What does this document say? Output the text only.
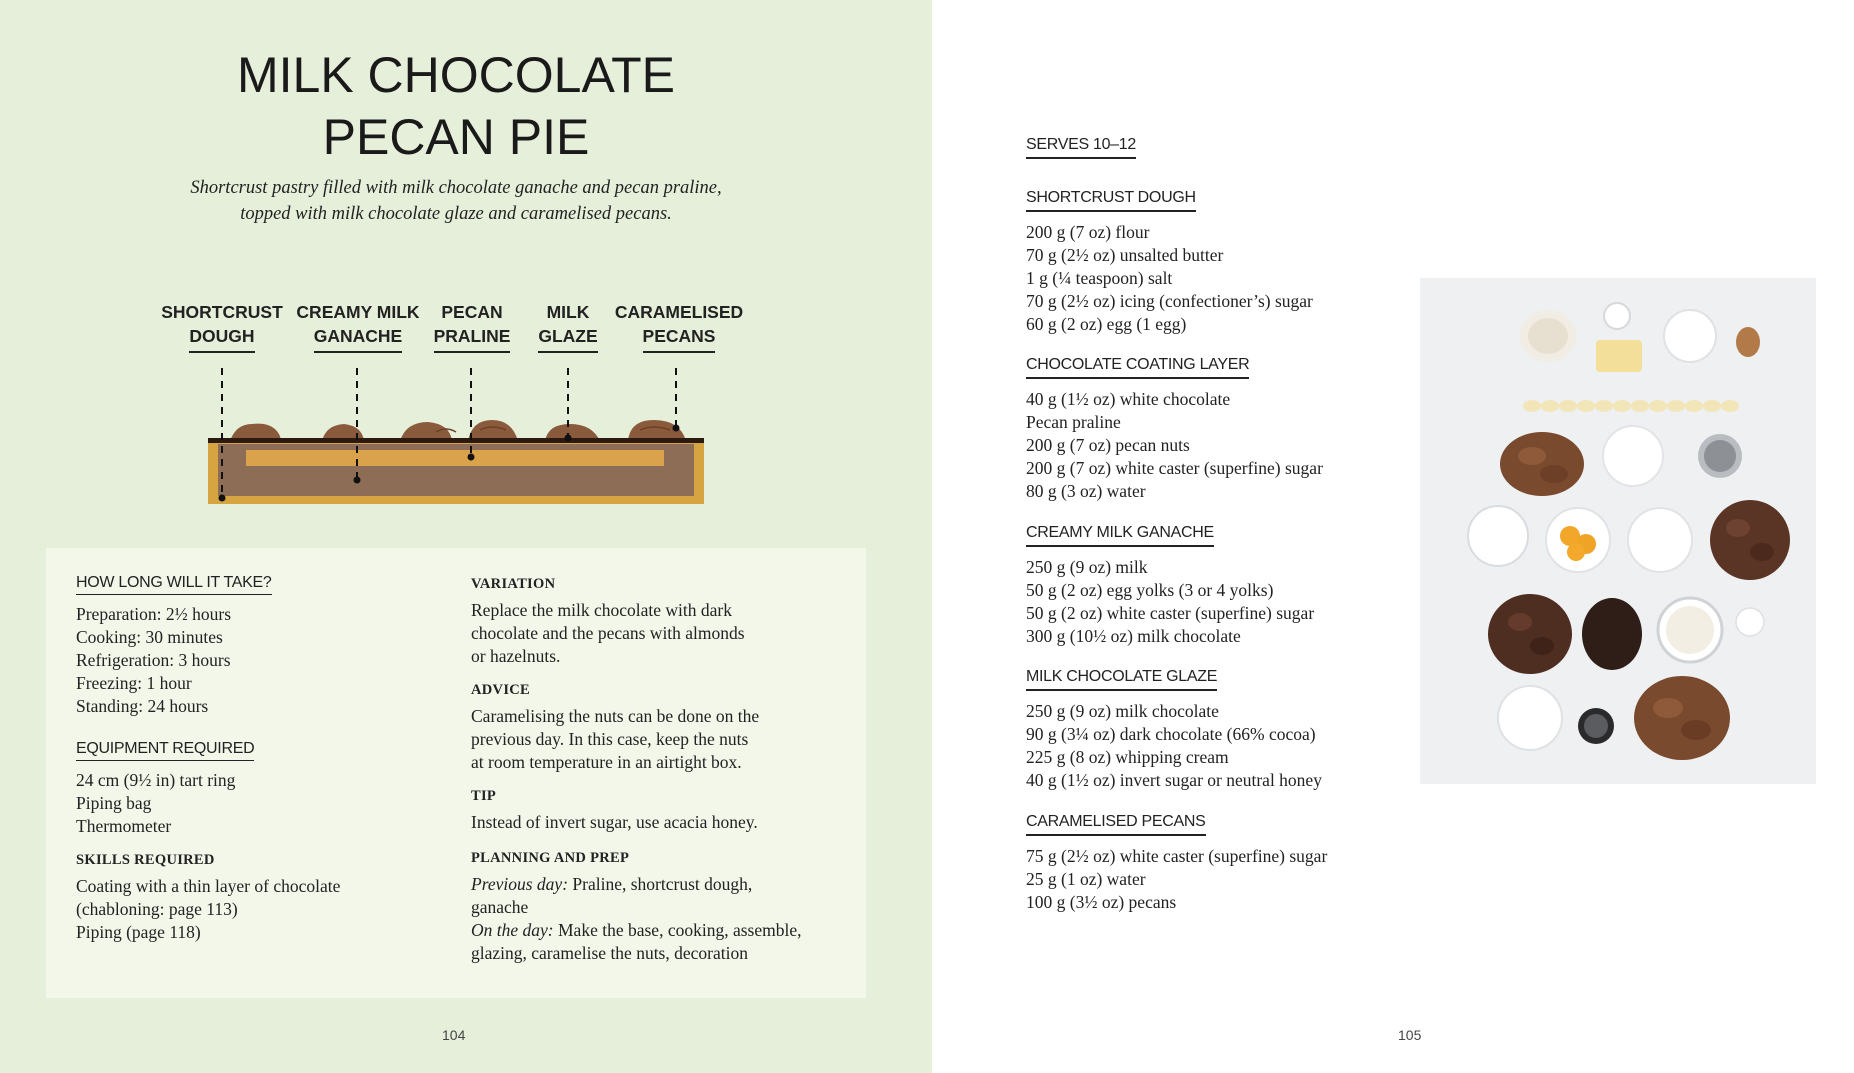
MILK CHOCOLATE
PECAN PIE
Shortcrust pastry filled with milk chocolate ganache and pecan praline,
topped with milk chocolate glaze and caramelised pecans.
SHORTCRUST
DOUGH
CREAMY MILK
GANACHE
PECAN
PRALINE
MILK
GLAZE
CARAMELISED
PECANS
HOW LONG WILL IT TAKE?
Preparation: 2½ hours
Cooking: 30 minutes
Refrigeration: 3 hours
Freezing: 1 hour
Standing: 24 hours
EQUIPMENT REQUIRED
24 cm (9½ in) tart ring
Piping bag
Thermometer
SKILLS REQUIRED
Coating with a thin layer of chocolate
(chabloning: page 113)
Piping (page 118)
VARIATION
Replace the milk chocolate with dark
chocolate and the pecans with almonds
or hazelnuts.
ADVICE
Caramelising the nuts can be done on the
previous day. In this case, keep the nuts
at room temperature in an airtight box.
TIP
Instead of invert sugar, use acacia honey.
PLANNING AND PREP
Previous day: Praline, shortcrust dough,
ganache
On the day: Make the base, cooking, assemble,
glazing, caramelise the nuts, decoration
104
SERVES 10–12
SHORTCRUST DOUGH
200 g (7 oz) flour
70 g (2½ oz) unsalted butter
1 g (¼ teaspoon) salt
70 g (2½ oz) icing (confectioner’s) sugar
60 g (2 oz) egg (1 egg)
CHOCOLATE COATING LAYER
40 g (1½ oz) white chocolate
Pecan praline
200 g (7 oz) pecan nuts
200 g (7 oz) white caster (superfine) sugar
80 g (3 oz) water
CREAMY MILK GANACHE
250 g (9 oz) milk
50 g (2 oz) egg yolks (3 or 4 yolks)
50 g (2 oz) white caster (superfine) sugar
300 g (10½ oz) milk chocolate
MILK CHOCOLATE GLAZE
250 g (9 oz) milk chocolate
90 g (3¼ oz) dark chocolate (66% cocoa)
225 g (8 oz) whipping cream
40 g (1½ oz) invert sugar or neutral honey
CARAMELISED PECANS
75 g (2½ oz) white caster (superfine) sugar
25 g (1 oz) water
100 g (3½ oz) pecans
105
